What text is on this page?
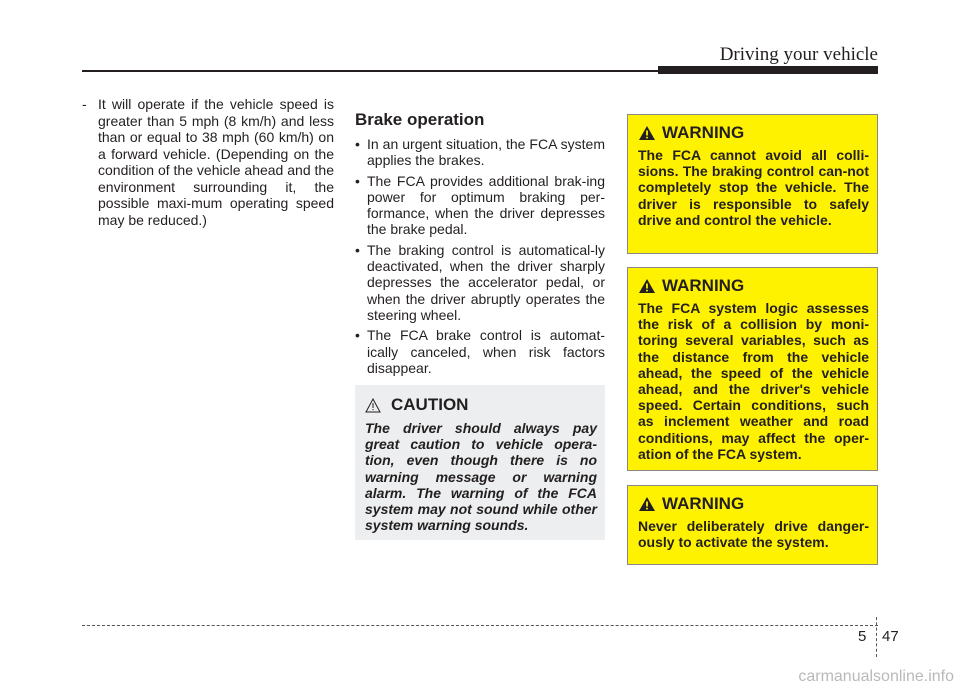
Driving your vehicle
- It will operate if the vehicle speed is greater than 5 mph (8 km/h) and less than or equal to 38 mph (60 km/h) on a forward vehicle. (Depending on the condition of the vehicle ahead and the environment surrounding it, the possible maxi-mum operating speed may be reduced.)
Brake operation
• In an urgent situation, the FCA system applies the brakes.
• The FCA provides additional brak-ing power for optimum braking per-formance, when the driver depresses the brake pedal.
• The braking control is automatical-ly deactivated, when the driver sharply depresses the accelerator pedal, or when the driver abruptly operates the steering wheel.
• The FCA brake control is automat-ically canceled, when risk factors disappear.
CAUTION
The driver should always pay great caution to vehicle opera-tion, even though there is no warning message or warning alarm. The warning of the FCA system may not sound while other system warning sounds.
WARNING
The FCA cannot avoid all colli-sions. The braking control can-not completely stop the vehicle. The driver is responsible to safely drive and control the vehicle.
WARNING
The FCA system logic assesses the risk of a collision by moni-toring several variables, such as the distance from the vehicle ahead, the speed of the vehicle ahead, and the driver's vehicle speed. Certain conditions, such as inclement weather and road conditions, may affect the oper-ation of the FCA system.
WARNING
Never deliberately drive danger-ously to activate the system.
5 47
carmanualsonline.info
